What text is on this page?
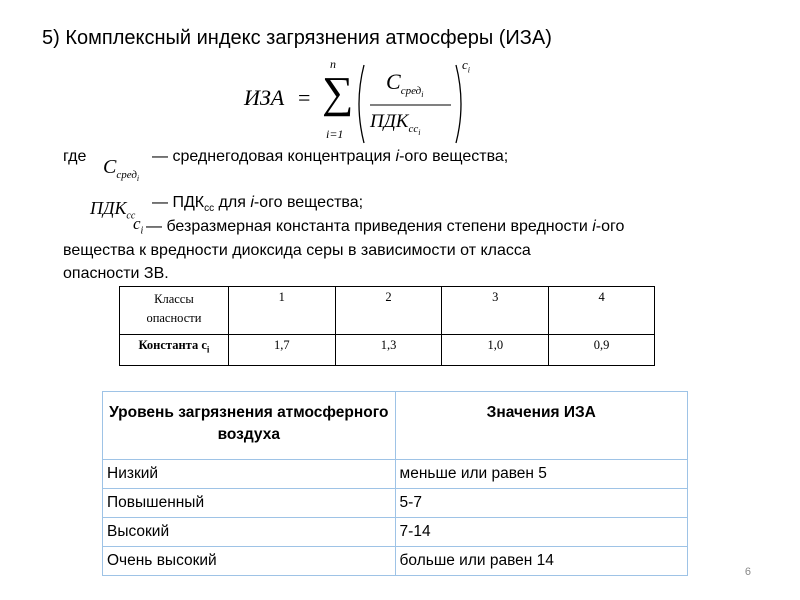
5) Комплексный индекс загрязнения атмосферы (ИЗА)
ИЗА = ∑
n
i=1
$C_{сред_i}$
$ПДК_{сс_i}$
$c_i$
где $C_{сред_i}$
— среднегодовая концентрация i-ого вещества;
$ПДК_{сс}$
— $ПДК_{сс}$ для i-ого вещества;
$c_i$ — безразмерная константа приведения степени вредности i-ого
вещества к вредности диоксида серы в зависимости от класса
опасности ЗВ.
Классы опасности	1	2	3	4
Константа $c_i$	1,7	1,3	1,0	0,9
Уровень загрязнения атмосферного воздуха	Значения ИЗА
Низкий	меньше или равен 5
Повышенный	5-7
Высокий	7-14
Очень высокий	больше или равен 14
6
